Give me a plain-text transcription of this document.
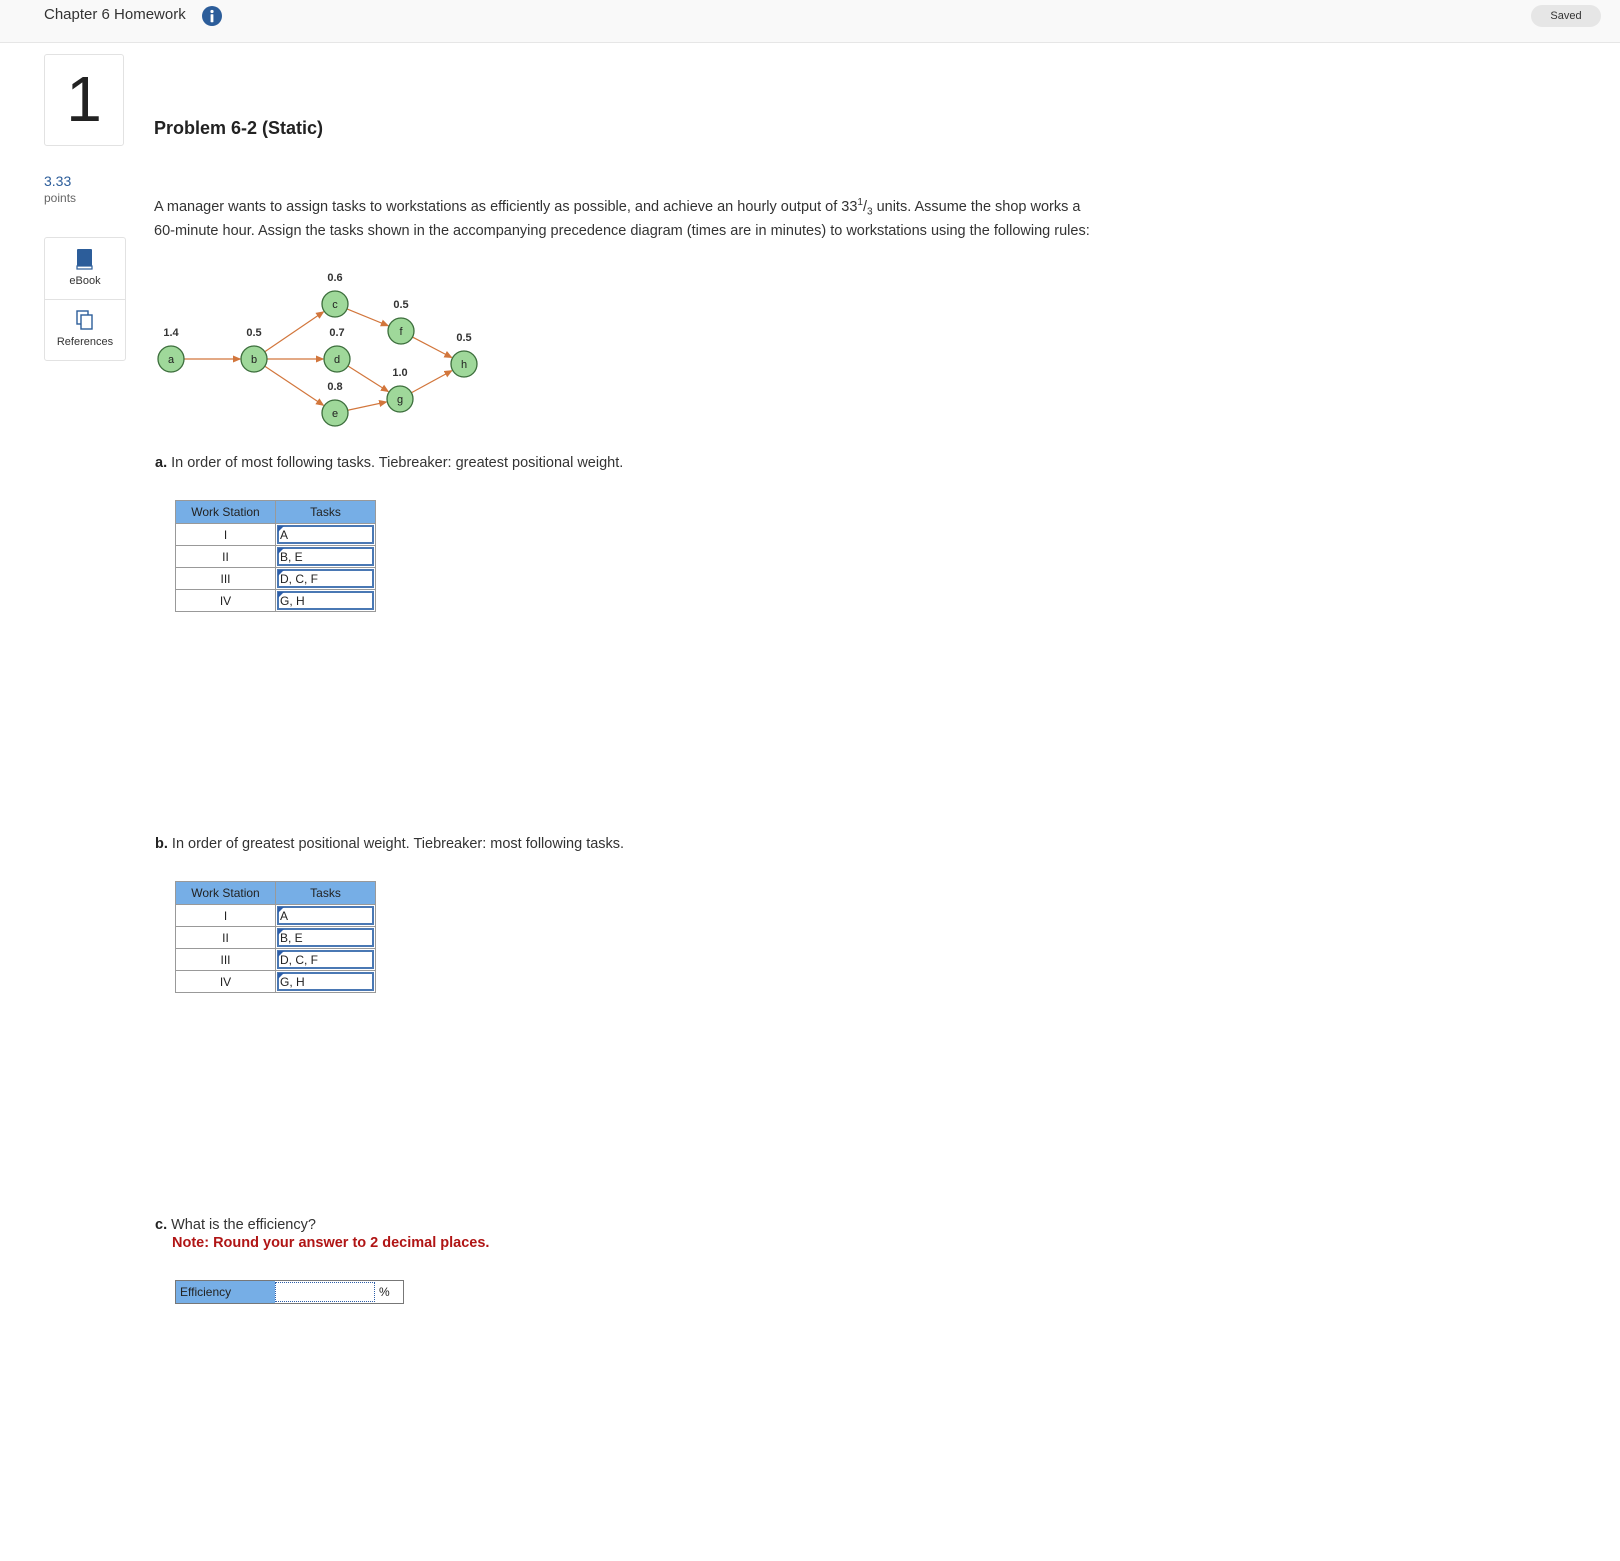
Chapter 6 Homework	Saved
1
3.33
points
eBook
References
Problem 6-2 (Static)
A manager wants to assign tasks to workstations as efficiently as possible, and achieve an hourly output of $33^1/_3$ units. Assume the shop works a 60-minute hour. Assign the tasks shown in the accompanying precedence diagram (times are in minutes) to workstations using the following rules:
a
1.4
b
0.5
c
0.6
d
0.7
e
0.8
f
0.5
g
1.0
h
0.5
a. In order of most following tasks. Tiebreaker: greatest positional weight.
Work Station	Tasks
I	A

II	B, E

III	D, C, F

IV	G, H
b. In order of greatest positional weight. Tiebreaker: most following tasks.
Work Station	Tasks
I	A

II	B, E

III	D, C, F

IV	G, H
c. What is the efficiency?
Note: Round your answer to 2 decimal places.
Efficiency	%
